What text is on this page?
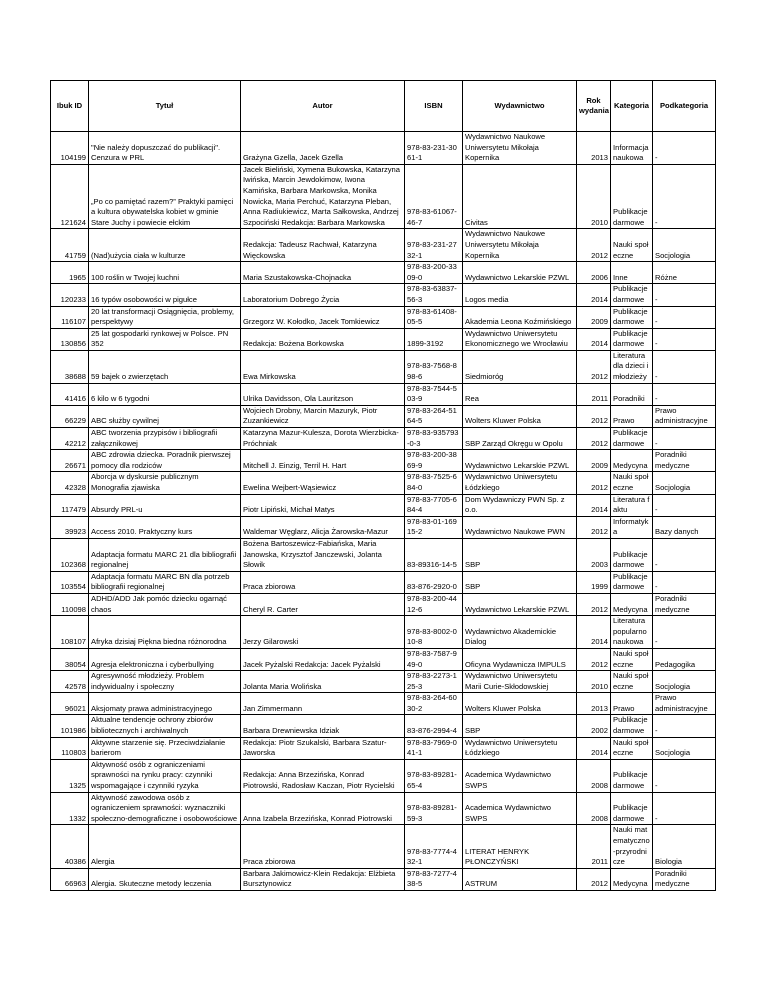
Ibuk ID	Tytuł	Autor	ISBN	Wydawnictwo	Rok wydania	Kategoria	Podkategoria
104199	"Nie należy dopuszczać do publikacji". Cenzura w PRL	Grażyna Gzella, Jacek Gzella	978-83-231-3061-1	Wydawnictwo Naukowe Uniwersytetu Mikołaja Kopernika	2013	Informacja naukowa	-
121624	„Po co pamiętać razem?” Praktyki pamięci a kultura obywatelska kobiet w gminie Stare Juchy i powiecie ełckim	Jacek Bieliński, Xymena Bukowska, Katarzyna Iwińska, Marcin Jewdokimow, Iwona Kamińska, Barbara Markowska, Monika Nowicka, Maria Perchuć, Katarzyna Pleban, Anna Radiukiewicz, Marta Sałkowska, Andrzej Szpociński Redakcja: Barbara Markowska	978-83-61067-46-7	Civitas	2010	Publikacje darmowe	-
41759	(Nad)użycia ciała w kulturze	Redakcja: Tadeusz Rachwał, Katarzyna Więckowska	978-83-231-2732-1	Wydawnictwo Naukowe Uniwersytetu Mikołaja Kopernika	2012	Nauki społeczne	Socjologia
1965	100 roślin w Twojej kuchni	Maria Szustakowska-Chojnacka	978-83-200-3309-0	Wydawnictwo Lekarskie PZWL	2006	Inne	Różne
120233	16 typów osobowości w pigułce	Laboratorium Dobrego Życia	978-83-63837-56-3	Logos media	2014	Publikacje darmowe	-
116107	20 lat transformacji Osiągnięcia, problemy, perspektywy	Grzegorz W. Kołodko, Jacek Tomkiewicz	978-83-61408-05-5	Akademia Leona Koźmińskiego	2009	Publikacje darmowe	-
130856	25 lat gospodarki rynkowej w Polsce. PN 352	Redakcja: Bożena Borkowska	1899-3192	Wydawnictwo Uniwersytetu Ekonomicznego we Wrocławiu	2014	Publikacje darmowe	-
38688	59 bajek o zwierzętach	Ewa Mirkowska	978-83-7568-898-6	Siedmioróg	2012	Literatura dla dzieci i młodzieży	-
41416	6 kilo w 6 tygodni	Ulrika Davidsson, Ola Lauritzson	978-83-7544-503-9	Rea	2011	Poradniki	-
66229	ABC służby cywilnej	Wojciech Drobny, Marcin Mazuryk, Piotr Zuzankiewicz	978-83-264-5164-5	Wolters Kluwer Polska	2012	Prawo	Prawo administracyjne
42212	ABC tworzenia przypisów i bibliografii załącznikowej	Katarzyna Mazur-Kulesza, Dorota Wierzbicka-Próchniak	978-83-935793-0-3	SBP Zarząd Okręgu w Opolu	2012	Publikacje darmowe	-
26671	ABC zdrowia dziecka. Poradnik pierwszej pomocy dla rodziców	Mitchell J. Einzig, Terril H. Hart	978-83-200-3869-9	Wydawnictwo Lekarskie PZWL	2009	Medycyna	Poradniki medyczne
42328	Aborcja w dyskursie publicznym Monografia zjawiska	Ewelina Wejbert-Wąsiewicz	978-83-7525-684-0	Wydawnictwo Uniwersytetu Łódzkiego	2012	Nauki społeczne	Socjologia
117479	Absurdy PRL-u	Piotr Lipiński, Michał Matys	978-83-7705-684-4	Dom Wydawniczy PWN Sp. z o.o.	2014	Literatura faktu	-
39923	Access 2010. Praktyczny kurs	Waldemar Węglarz, Alicja Żarowska-Mazur	978-83-01-16915-2	Wydawnictwo Naukowe PWN	2012	Informatyka	Bazy danych
102368	Adaptacja formatu MARC 21 dla bibliografii regionalnej	Bożena Bartoszewicz-Fabiańska, Maria Janowska, Krzysztof Janczewski, Jolanta Słowik	83-89316-14-5	SBP	2003	Publikacje darmowe	-
103554	Adaptacja formatu MARC BN dla potrzeb bibliografii regionalnej	Praca zbiorowa	83-876-2920-0	SBP	1999	Publikacje darmowe	-
110098	ADHD/ADD Jak pomóc dziecku ogarnąć chaos	Cheryl R. Carter	978-83-200-4412-6	Wydawnictwo Lekarskie PZWL	2012	Medycyna	Poradniki medyczne
108107	Afryka dzisiaj Piękna biedna różnorodna	Jerzy Gilarowski	978-83-8002-010-8	Wydawnictwo Akademickie Dialog	2014	Literatura popularnonaukowa	-
38054	Agresja elektroniczna i cyberbullying	Jacek Pyżalski Redakcja: Jacek Pyżalski	978-83-7587-949-0	Oficyna Wydawnicza IMPULS	2012	Nauki społeczne	Pedagogika
42578	Agresywność młodzieży. Problem indywidualny i społeczny	Jolanta Maria Wolińska	978-83-2273-125-3	Wydawnictwo Uniwersytetu Marii Curie-Skłodowskiej	2010	Nauki społeczne	Socjologia
96021	Aksjomaty prawa administracyjnego	Jan Zimmermann	978-83-264-6030-2	Wolters Kluwer Polska	2013	Prawo	Prawo administracyjne
101986	Aktualne tendencje ochrony zbiorów bibliotecznych i archiwalnych	Barbara Drewniewska Idziak	83-876-2994-4	SBP	2002	Publikacje darmowe	-
110803	Aktywne starzenie się. Przeciwdziałanie barierom	Redakcja: Piotr Szukalski, Barbara Szatur-Jaworska	978-83-7969-041-1	Wydawnictwo Uniwersytetu Łódzkiego	2014	Nauki społeczne	Socjologia
1325	Aktywność osób z ograniczeniami sprawności na rynku pracy: czynniki wspomagające i czynniki ryzyka	Redakcja: Anna Brzezińska, Konrad Piotrowski, Radosław Kaczan, Piotr Rycielski	978-83-89281-65-4	Academica Wydawnictwo SWPS	2008	Publikacje darmowe	-
1332	Aktywność zawodowa osób z ograniczeniem sprawności: wyznaczniki społeczno-demograficzne i osobowościowe	Anna Izabela Brzezińska, Konrad Piotrowski	978-83-89281-59-3	Academica Wydawnictwo SWPS	2008	Publikacje darmowe	-
40386	Alergia	Praca zbiorowa	978-83-7774-432-1	LITERAT HENRYK PŁONCZYŃSKI	2011	Nauki matematyczno-przyrodnicze	Biologia
66963	Alergia. Skuteczne metody leczenia	Barbara Jakimowicz-Klein Redakcja: Elżbieta Bursztynowicz	978-83-7277-438-5	ASTRUM	2012	Medycyna	Poradniki medyczne
